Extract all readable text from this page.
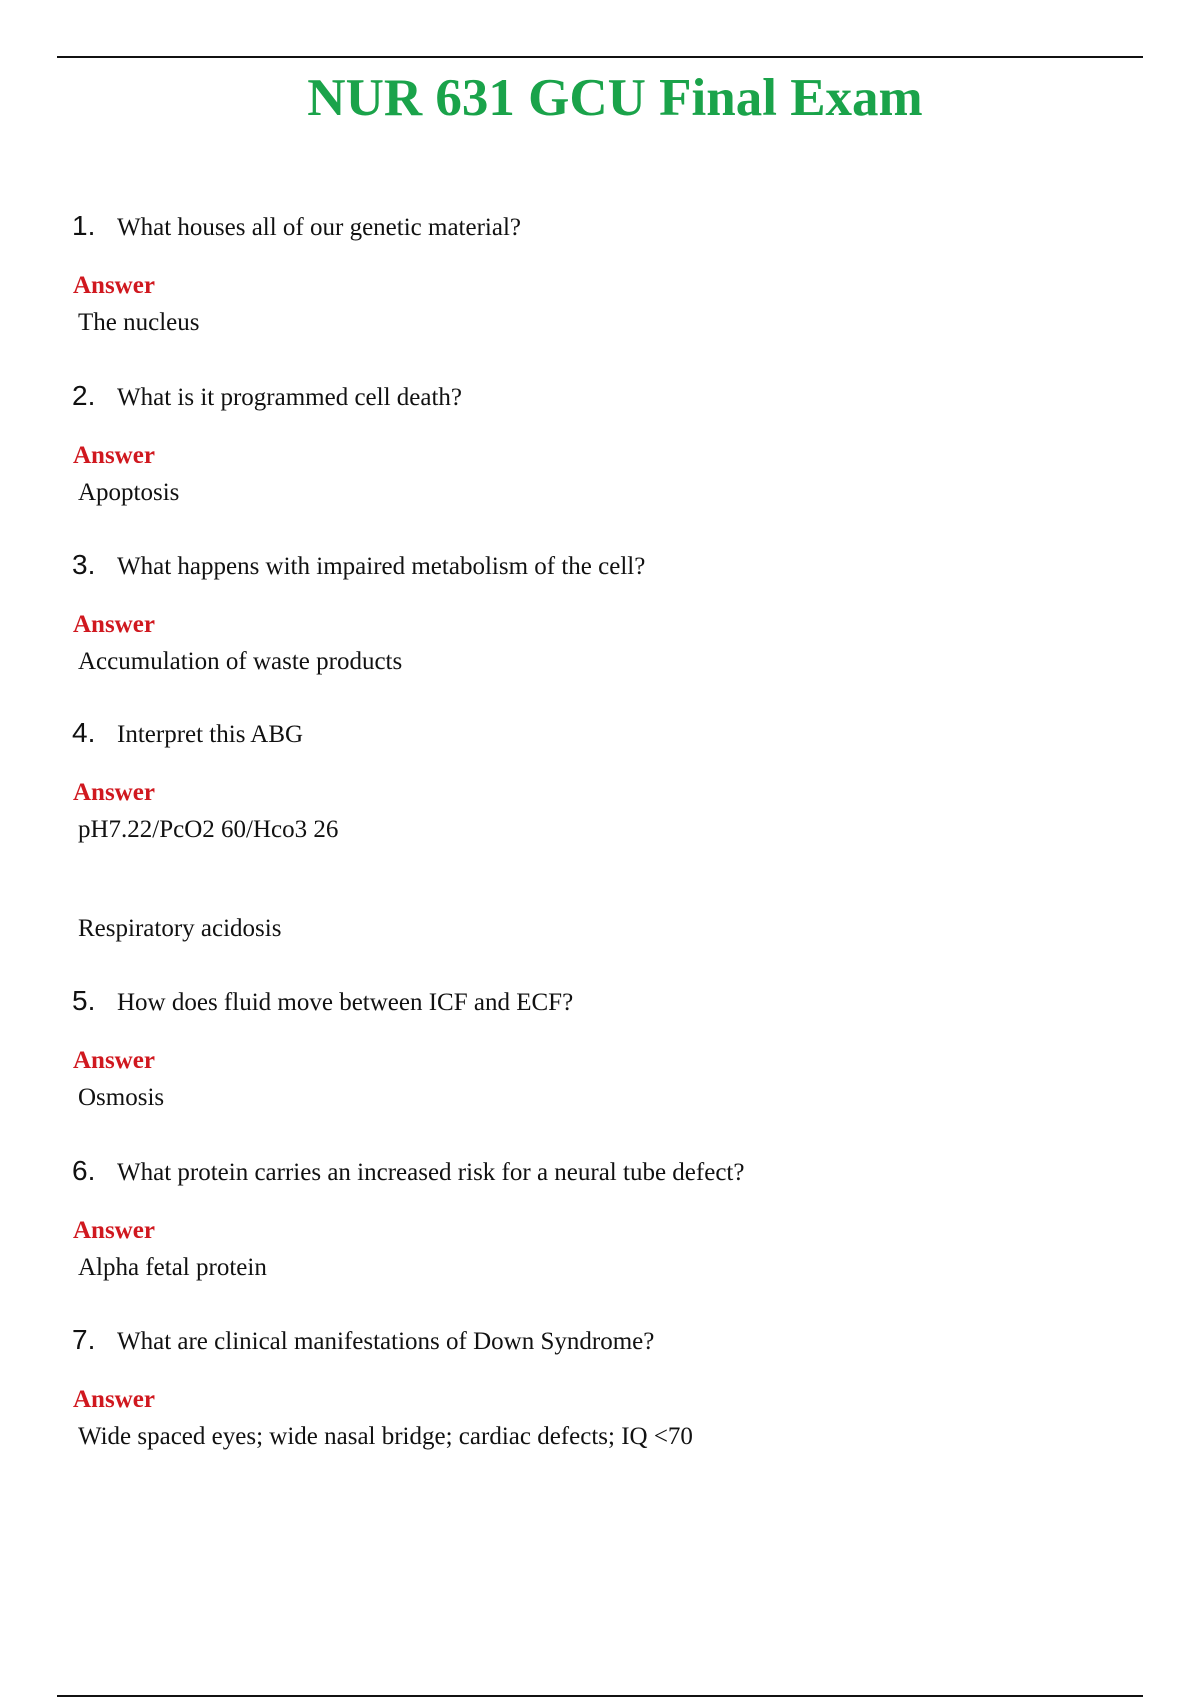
NUR 631 GCU Final Exam
1. What houses all of our genetic material?
Answer
The nucleus
2. What is it programmed cell death?
Answer
Apoptosis
3. What happens with impaired metabolism of the cell?
Answer
Accumulation of waste products
4. Interpret this ABG
Answer
pH7.22/PcO2 60/Hco3 26

Respiratory acidosis
5. How does fluid move between ICF and ECF?
Answer
Osmosis
6. What protein carries an increased risk for a neural tube defect?
Answer
Alpha fetal protein
7. What are clinical manifestations of Down Syndrome?
Answer
Wide spaced eyes; wide nasal bridge; cardiac defects; IQ <70
